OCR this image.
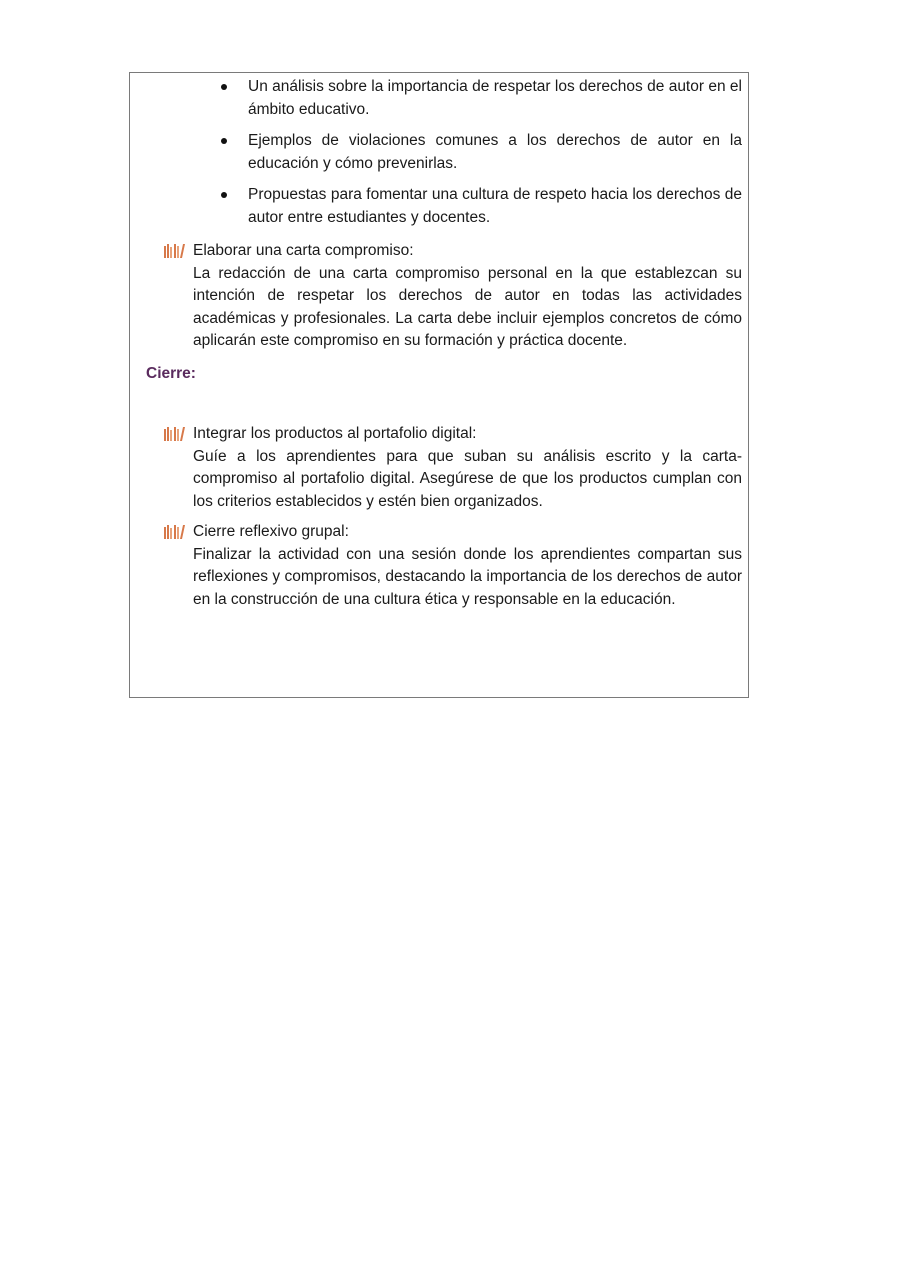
Un análisis sobre la importancia de respetar los derechos de autor en el ámbito educativo.
Ejemplos de violaciones comunes a los derechos de autor en la educación y cómo prevenirlas.
Propuestas para fomentar una cultura de respeto hacia los derechos de autor entre estudiantes y docentes.
Elaborar una carta compromiso:
La redacción de una carta compromiso personal en la que establezcan su intención de respetar los derechos de autor en todas las actividades académicas y profesionales. La carta debe incluir ejemplos concretos de cómo aplicarán este compromiso en su formación y práctica docente.
Cierre:
Integrar los productos al portafolio digital:
Guíe a los aprendientes para que suban su análisis escrito y la carta-compromiso al portafolio digital. Asegúrese de que los productos cumplan con los criterios establecidos y estén bien organizados.
Cierre reflexivo grupal:
Finalizar la actividad con una sesión donde los aprendientes compartan sus reflexiones y compromisos, destacando la importancia de los derechos de autor en la construcción de una cultura ética y responsable en la educación.
